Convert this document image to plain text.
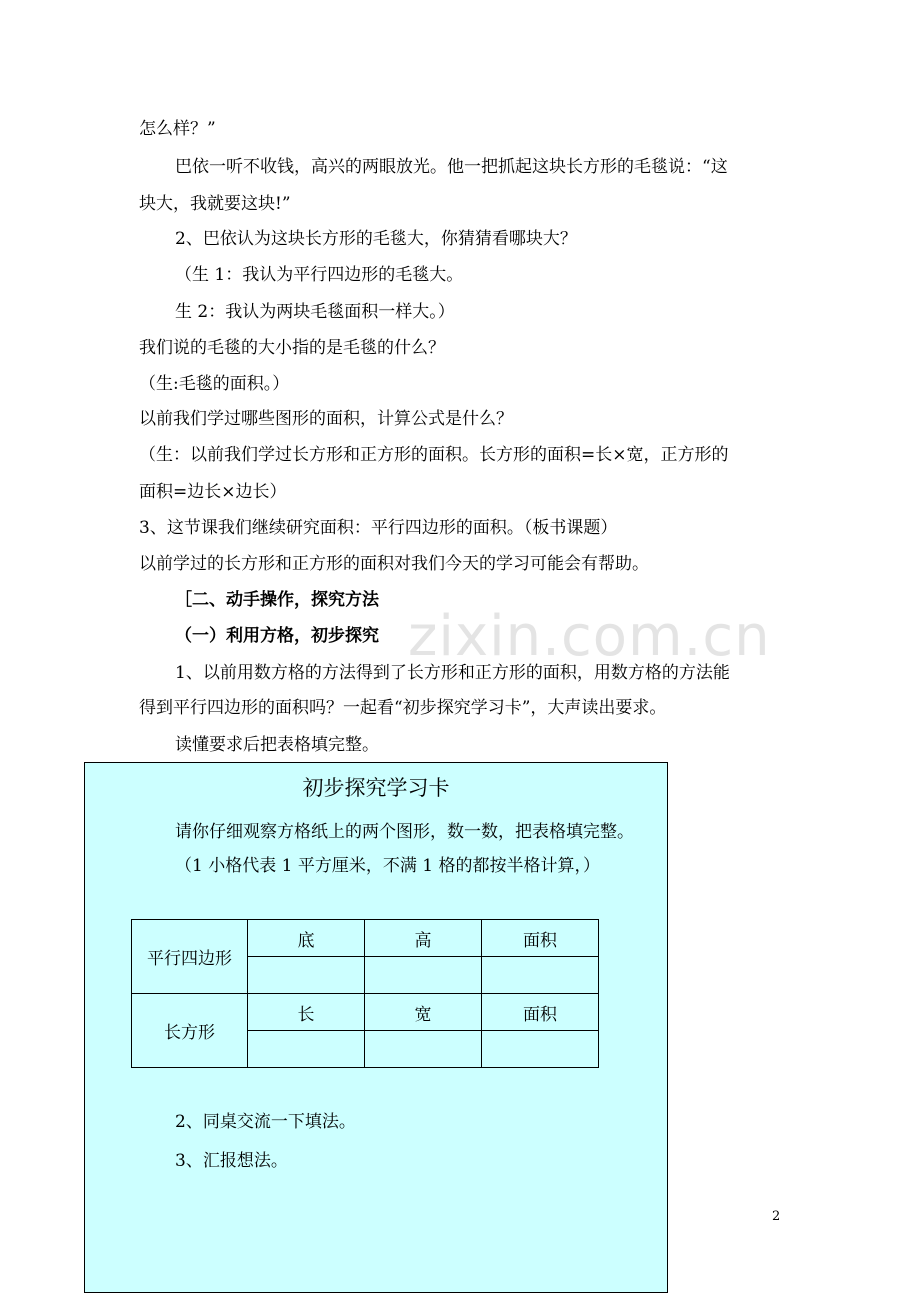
zixin.com.cn
怎么样？”
巴依一听不收钱，高兴的两眼放光。他一把抓起这块长方形的毛毯说：“这
块大，我就要这块!”
2、巴依认为这块长方形的毛毯大，你猜猜看哪块大？
（生 1：我认为平行四边形的毛毯大。
生 2：我认为两块毛毯面积一样大。）
我们说的毛毯的大小指的是毛毯的什么？
（生:毛毯的面积。）
以前我们学过哪些图形的面积，计算公式是什么？
（生：以前我们学过长方形和正方形的面积。长方形的面积=长×宽，正方形的
面积=边长×边长）
3、这节课我们继续研究面积：平行四边形的面积。（板书课题）
以前学过的长方形和正方形的面积对我们今天的学习可能会有帮助。
［二、动手操作，探究方法
（一）利用方格，初步探究
1、以前用数方格的方法得到了长方形和正方形的面积，用数方格的方法能
得到平行四边形的面积吗？一起看“初步探究学习卡”，大声读出要求。
读懂要求后把表格填完整。
初步探究学习卡
请你仔细观察方格纸上的两个图形，数一数，把表格填完整。
（1 小格代表 1 平方厘米，不满 1 格的都按半格计算，）
平行四边形	底	高	面积

长方形	长	宽	面积

2、同桌交流一下填法。
3、汇报想法。
2
